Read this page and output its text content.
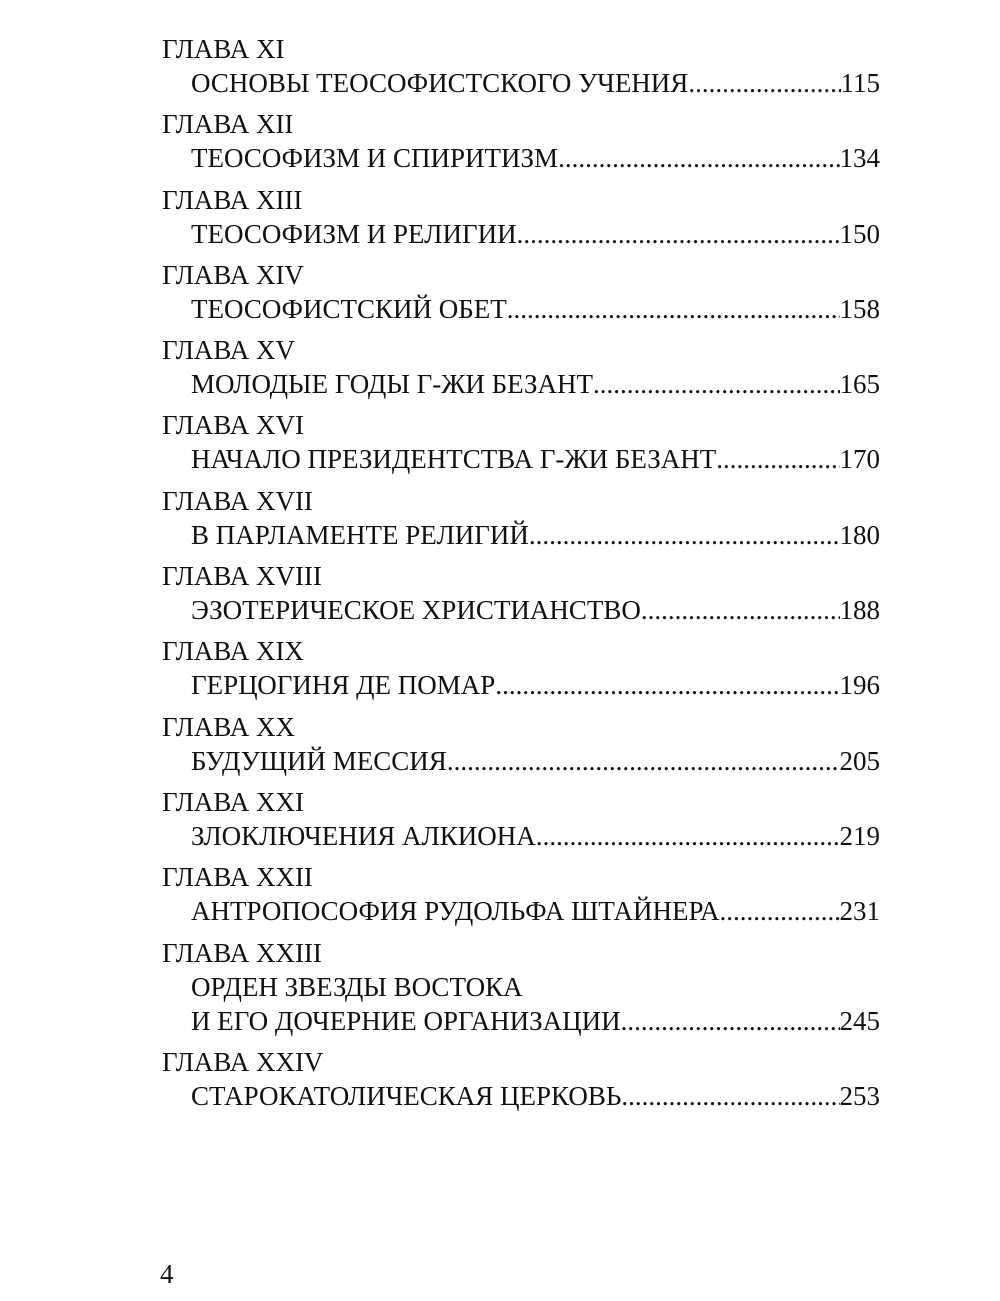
ГЛАВА XI
ОСНОВЫ ТЕОСОФИСТСКОГО УЧЕНИЯ .....	115
ГЛАВА XII
ТЕОСОФИЗМ И СПИРИТИЗМ .....	134
ГЛАВА XIII
ТЕОСОФИЗМ И РЕЛИГИИ .....	150
ГЛАВА XIV
ТЕОСОФИСТСКИЙ ОБЕТ .....	158
ГЛАВА XV
МОЛОДЫЕ ГОДЫ Г-ЖИ БЕЗАНТ .....	165
ГЛАВА XVI
НАЧАЛО ПРЕЗИДЕНТСТВА Г-ЖИ БЕЗАНТ .....	170
ГЛАВА XVII
В ПАРЛАМЕНТЕ РЕЛИГИЙ .....	180
ГЛАВА XVIII
ЭЗОТЕРИЧЕСКОЕ ХРИСТИАНСТВО .....	188
ГЛАВА XIX
ГЕРЦОГИНЯ ДЕ ПОМАР .....	196
ГЛАВА XX
БУДУЩИЙ МЕССИЯ .....	205
ГЛАВА XXI
ЗЛОКЛЮЧЕНИЯ АЛКИОНА .....	219
ГЛАВА XXII
АНТРОПОСОФИЯ РУДОЛЬФА ШТАЙНЕРА .....	231
ГЛАВА XXIII
ОРДЕН ЗВЕЗДЫ ВОСТОКА
И ЕГО ДОЧЕРНИЕ ОРГАНИЗАЦИИ .....	245
ГЛАВА XXIV
СТАРОКАТОЛИЧЕСКАЯ ЦЕРКОВЬ .....	253
4
